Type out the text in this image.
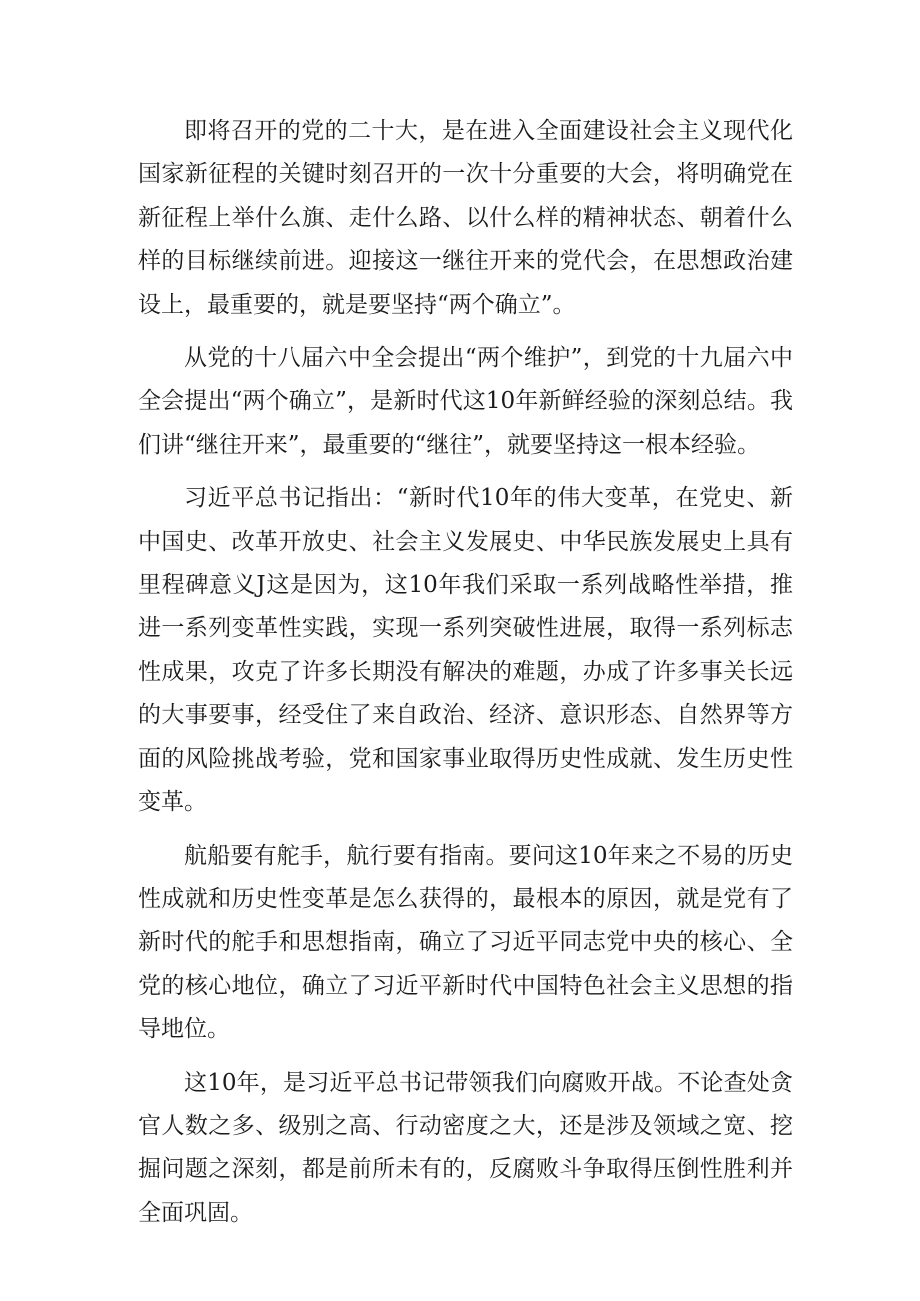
即将召开的党的二十大，是在进入全面建设社会主义现代化国家新征程的关键时刻召开的一次十分重要的大会，将明确党在新征程上举什么旗、走什么路、以什么样的精神状态、朝着什么样的目标继续前进。迎接这一继往开来的党代会，在思想政治建设上，最重要的，就是要坚持“两个确立”。

从党的十八届六中全会提出“两个维护”，到党的十九届六中全会提出“两个确立”，是新时代这10年新鲜经验的深刻总结。我们讲“继往开来”，最重要的“继往”，就要坚持这一根本经验。

习近平总书记指出：“新时代10年的伟大变革，在党史、新中国史、改革开放史、社会主义发展史、中华民族发展史上具有里程碑意义J这是因为，这10年我们采取一系列战略性举措，推进一系列变革性实践，实现一系列突破性进展，取得一系列标志性成果，攻克了许多长期没有解决的难题，办成了许多事关长远的大事要事，经受住了来自政治、经济、意识形态、自然界等方面的风险挑战考验，党和国家事业取得历史性成就、发生历史性变革。

航船要有舵手，航行要有指南。要问这10年来之不易的历史性成就和历史性变革是怎么获得的，最根本的原因，就是党有了新时代的舵手和思想指南，确立了习近平同志党中央的核心、全党的核心地位，确立了习近平新时代中国特色社会主义思想的指导地位。

这10年，是习近平总书记带领我们向腐败开战。不论查处贪官人数之多、级别之高、行动密度之大，还是涉及领域之宽、挖掘问题之深刻，都是前所未有的，反腐败斗争取得压倒性胜利并全面巩固。
